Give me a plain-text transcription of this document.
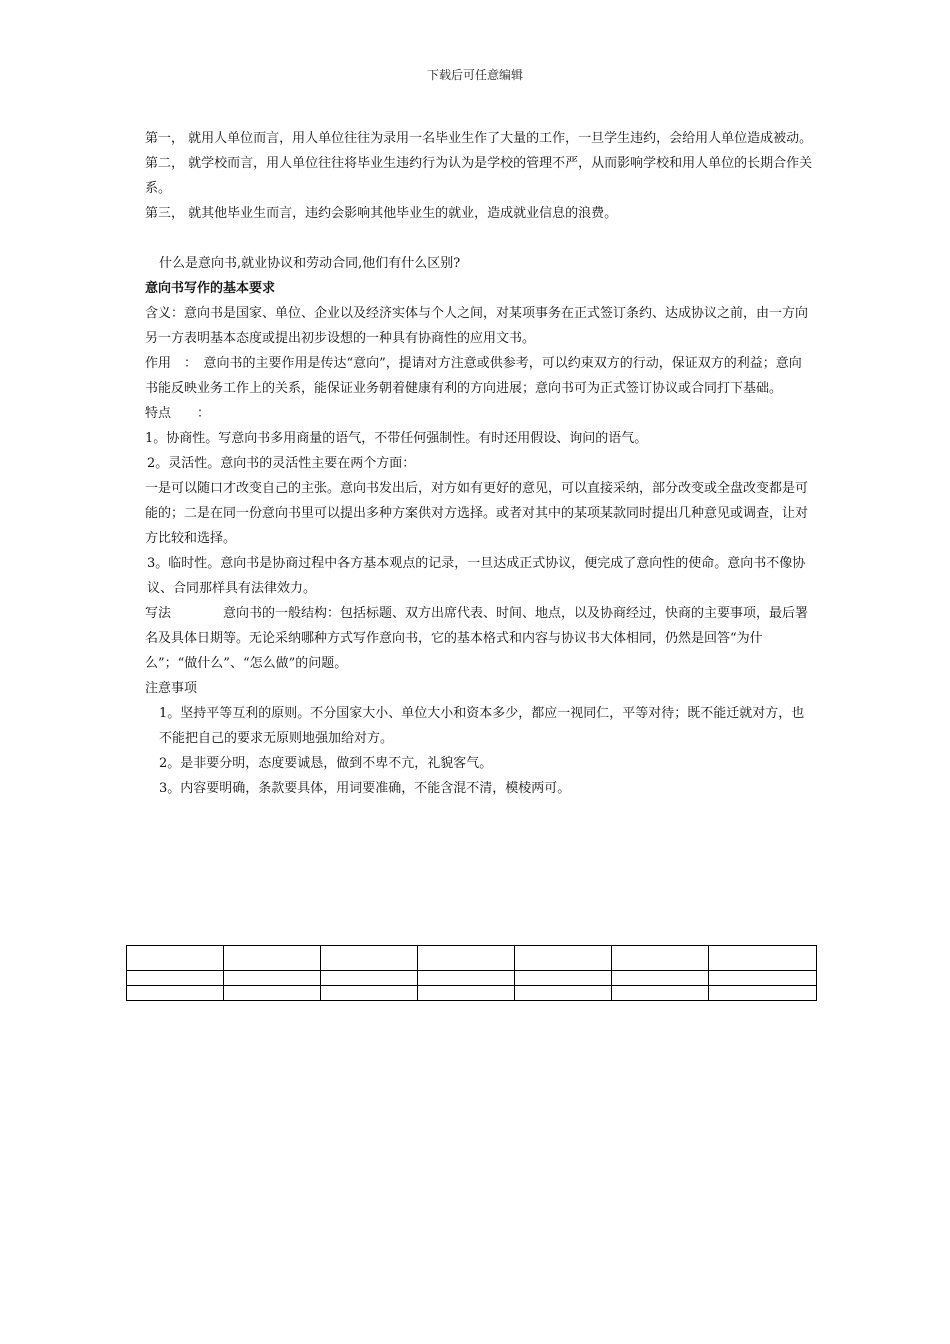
下载后可任意编辑

第一， 就用人单位而言，用人单位往往为录用一名毕业生作了大量的工作，一旦学生违约，会给用人单位造成被动。

第二， 就学校而言，用人单位往往将毕业生违约行为认为是学校的管理不严，从而影响学校和用人单位的长期合作关系。

第三， 就其他毕业生而言，违约会影响其他毕业生的就业，造成就业信息的浪费。

什么是意向书,就业协议和劳动合同,他们有什么区别?

意向书写作的基本要求

含义：意向书是国家、单位、企业以及经济实体与个人之间，对某项事务在正式签订条约、达成协议之前，由一方向另一方表明基本态度或提出初步设想的一种具有协商性的应用文书。

作用　：　意向书的主要作用是传达“意向”，提请对方注意或供参考，可以约束双方的行动，保证双方的利益；意向书能反映业务工作上的关系，能保证业务朝着健康有利的方向进展；意向书可为正式签订协议或合同打下基础。

特点　　：

1。协商性。写意向书多用商量的语气，不带任何强制性。有时还用假设、询问的语气。

2。灵活性。意向书的灵活性主要在两个方面：

一是可以随口才改变自己的主张。意向书发出后，对方如有更好的意见，可以直接采纳，部分改变或全盘改变都是可能的；二是在同一份意向书里可以提出多种方案供对方选择。或者对其中的某项某款同时提出几种意见或调查，让对方比较和选择。

3。临时性。意向书是协商过程中各方基本观点的记录，一旦达成正式协议，便完成了意向性的使命。意向书不像协议、合同那样具有法律效力。

写法　　　　意向书的一般结构：包括标题、双方出席代表、时间、地点，以及协商经过，快商的主要事项，最后署名及具体日期等。无论采纳哪种方式写作意向书，它的基本格式和内容与协议书大体相同，仍然是回答“为什么”；“做什么”、“怎么做”的问题。

注意事项

1。坚持平等互利的原则。不分国家大小、单位大小和资本多少，都应一视同仁，平等对待；既不能迁就对方，也不能把自己的要求无原则地强加给对方。

2。是非要分明，态度要诚恳，做到不卑不亢，礼貌客气。

3。内容要明确，条款要具体，用词要准确，不能含混不清，模棱两可。
